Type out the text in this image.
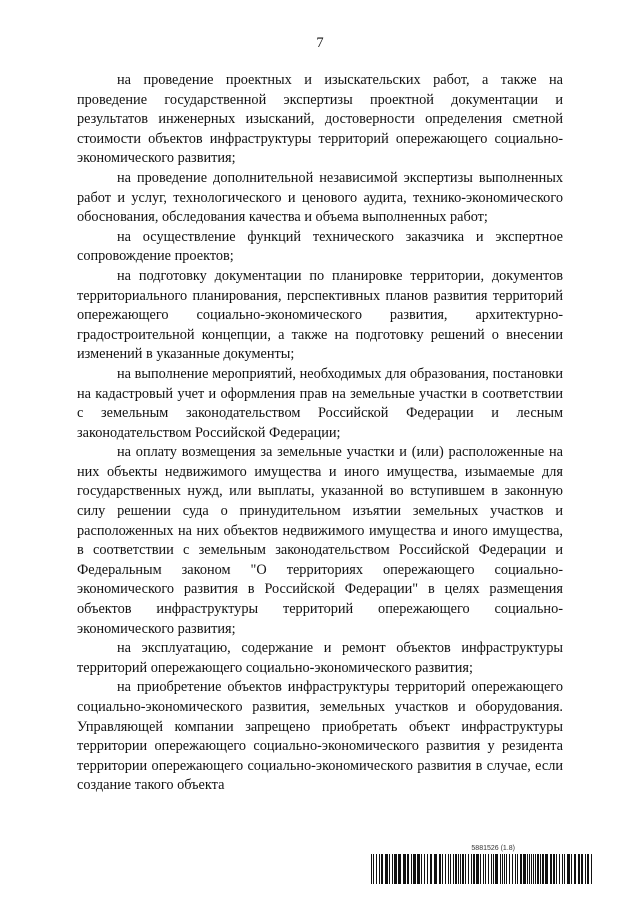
7

на проведение проектных и изыскательских работ, а также на проведение государственной экспертизы проектной документации и результатов инженерных изысканий, достоверности определения сметной стоимости объектов инфраструктуры территорий опережающего социально-экономического развития;

на проведение дополнительной независимой экспертизы выполненных работ и услуг, технологического и ценового аудита, технико-экономического обоснования, обследования качества и объема выполненных работ;

на осуществление функций технического заказчика и экспертное сопровождение проектов;

на подготовку документации по планировке территории, документов территориального планирования, перспективных планов развития территорий опережающего социально-экономического развития, архитектурно-градостроительной концепции, а также на подготовку решений о внесении изменений в указанные документы;

на выполнение мероприятий, необходимых для образования, постановки на кадастровый учет и оформления прав на земельные участки в соответствии с земельным законодательством Российской Федерации и лесным законодательством Российской Федерации;

на оплату возмещения за земельные участки и (или) расположенные на них объекты недвижимого имущества и иного имущества, изымаемые для государственных нужд, или выплаты, указанной во вступившем в законную силу решении суда о принудительном изъятии земельных участков и расположенных на них объектов недвижимого имущества и иного имущества, в соответствии с земельным законодательством Российской Федерации и Федеральным законом "О территориях опережающего социально-экономического развития в Российской Федерации" в целях размещения объектов инфраструктуры территорий опережающего социально-экономического развития;

на эксплуатацию, содержание и ремонт объектов инфраструктуры территорий опережающего социально-экономического развития;

на приобретение объектов инфраструктуры территорий опережающего социально-экономического развития, земельных участков и оборудования. Управляющей компании запрещено приобретать объект инфраструктуры территории опережающего социально-экономического развития у резидента территории опережающего социально-экономического развития в случае, если создание такого объекта

5881526 (1.8)
